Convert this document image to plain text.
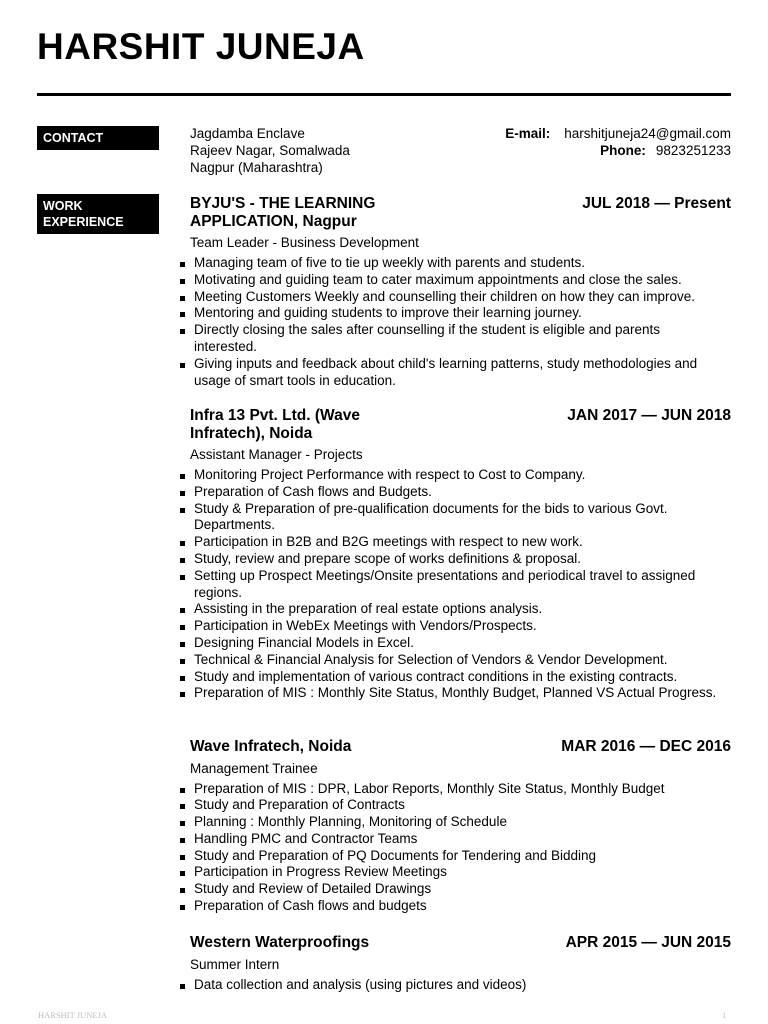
HARSHIT JUNEJA
CONTACT	Jagdamba Enclave
Rajeev Nagar, Somalwada
Nagpur (Maharashtra)
E-mail: harshitjuneja24@gmail.com
Phone: 9823251233
WORK
EXPERIENCE
BYJU'S - THE LEARNING APPLICATION, Nagpur
JUL 2018 — Present
Team Leader - Business Development
Managing team of five to tie up weekly with parents and students.
Motivating and guiding team to cater maximum appointments and close the sales.
Meeting Customers Weekly and counselling their children on how they can improve.
Mentoring and guiding students to improve their learning journey.
Directly closing the sales after counselling if the student is eligible and parents interested.
Giving inputs and feedback about child's learning patterns, study methodologies and usage of smart tools in education.
Infra 13 Pvt. Ltd. (Wave Infratech), Noida
JAN 2017 — JUN 2018
Assistant Manager - Projects
Monitoring Project Performance with respect to Cost to Company.
Preparation of Cash flows and Budgets.
Study & Preparation of pre-qualification documents for the bids to various Govt. Departments.
Participation in B2B and B2G meetings with respect to new work.
Study, review and prepare scope of works definitions & proposal.
Setting up Prospect Meetings/Onsite presentations and periodical travel to assigned regions.
Assisting in the preparation of real estate options analysis.
Participation in WebEx Meetings with Vendors/Prospects.
Designing Financial Models in Excel.
Technical & Financial Analysis for Selection of Vendors & Vendor Development.
Study and implementation of various contract conditions in the existing contracts.
Preparation of MIS : Monthly Site Status, Monthly Budget, Planned VS Actual Progress.
Wave Infratech, Noida	MAR 2016 — DEC 2016
Management Trainee
Preparation of MIS : DPR, Labor Reports, Monthly Site Status, Monthly Budget
Study and Preparation of Contracts
Planning : Monthly Planning, Monitoring of Schedule
Handling PMC and Contractor Teams
Study and Preparation of PQ Documents for Tendering and Bidding
Participation in Progress Review Meetings
Study and Review of Detailed Drawings
Preparation of Cash flows and budgets
Western Waterproofings	APR 2015 — JUN 2015
Summer Intern
Data collection and analysis (using pictures and videos)
HARSHIT JUNEJA	1
